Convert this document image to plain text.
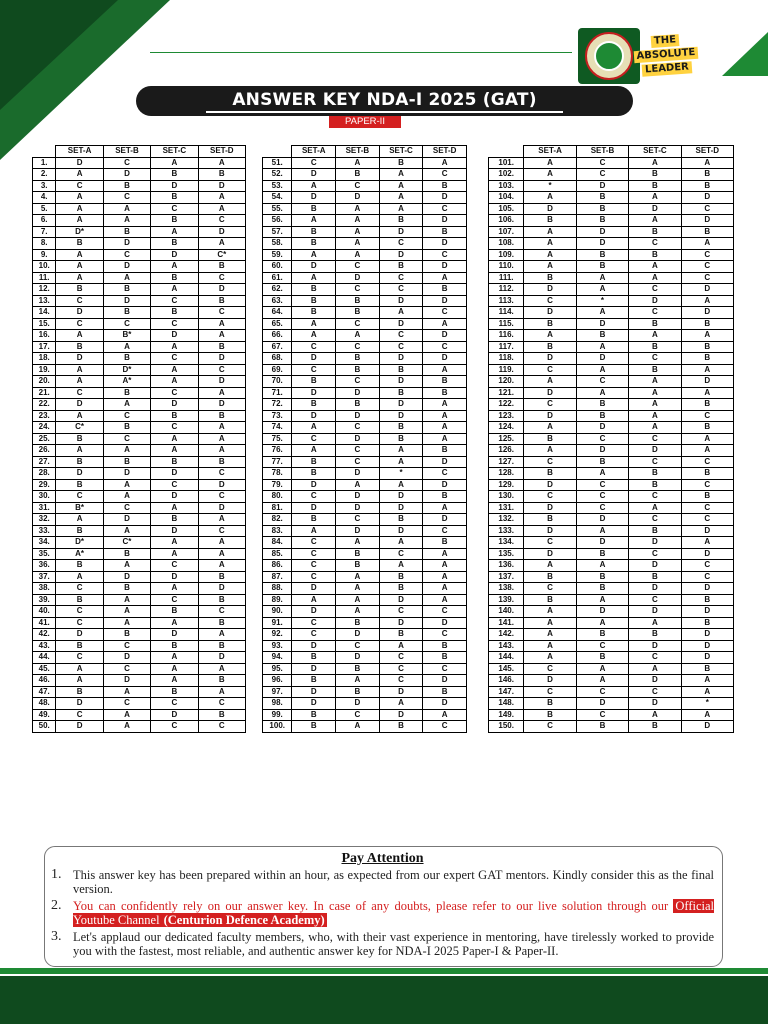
THE
ABSOLUTE
LEADER
ANSWER KEY NDA-I 2025 (GAT)
PAPER-II
	SET-A	SET-B	SET-C	SET-D
1.	D	C	A	A
2.	A	D	B	B
3.	C	B	D	D
4.	A	C	B	A
5.	A	A	C	A
6.	A	A	B	C
7.	D*	B	A	D
8.	B	D	B	A
9.	A	C	D	C*
10.	A	D	A	B
11.	A	A	B	C
12.	B	B	A	D
13.	C	D	C	B
14.	D	B	B	C
15.	C	C	C	A
16.	A	B*	D	A
17.	B	A	A	B
18.	D	B	C	D
19.	A	D*	A	C
20.	A	A*	A	D
21.	C	B	C	A
22.	D	A	D	D
23.	A	C	B	B
24.	C*	B	C	A
25.	B	C	A	A
26.	A	A	A	A
27.	B	B	B	B
28.	D	D	D	C
29.	B	A	C	D
30.	C	A	D	C
31.	B*	C	A	D
32.	A	D	B	A
33.	B	A	D	C
34.	D*	C*	A	A
35.	A*	B	A	A
36.	B	A	C	A
37.	A	D	D	B
38.	C	B	A	D
39.	B	A	C	B
40.	C	A	B	C
41.	C	A	A	B
42.	D	B	D	A
43.	B	C	B	B
44.	C	D	A	D
45.	A	C	A	A
46.	A	D	A	B
47.	B	A	B	A
48.	D	C	C	C
49.	C	A	D	B
50.	D	A	C	C
	SET-A	SET-B	SET-C	SET-D
51.	C	A	B	A
52.	D	B	A	C
53.	A	C	A	B
54.	D	D	A	D
55.	B	A	A	C
56.	A	A	B	D
57.	B	A	D	B
58.	B	A	C	D
59.	A	A	D	C
60.	D	C	B	D
61.	A	D	C	A
62.	B	C	C	B
63.	B	B	D	D
64.	B	B	A	C
65.	A	C	D	A
66.	A	A	C	D
67.	C	C	C	C
68.	D	B	D	D
69.	C	B	B	A
70.	B	C	D	B
71.	D	D	B	B
72.	B	B	D	A
73.	D	D	D	A
74.	A	C	B	A
75.	C	D	B	A
76.	A	C	A	B
77.	B	C	A	D
78.	B	D	*	C
79.	D	A	A	D
80.	C	D	D	B
81.	D	D	D	A
82.	B	C	B	D
83.	A	D	D	C
84.	C	A	A	B
85.	C	B	C	A
86.	C	B	A	A
87.	C	A	B	A
88.	D	A	B	A
89.	A	A	D	A
90.	D	A	C	C
91.	C	B	D	D
92.	C	D	B	C
93.	D	C	A	B
94.	B	D	C	B
95.	D	B	C	C
96.	B	A	C	D
97.	D	B	D	B
98.	D	D	A	D
99.	B	C	D	A
100.	B	A	B	C
	SET-A	SET-B	SET-C	SET-D
101.	A	C	A	A
102.	A	C	B	B
103.	*	D	B	B
104.	A	B	A	D
105.	D	B	D	C
106.	B	B	A	D
107.	A	D	B	B
108.	A	D	C	A
109.	A	B	B	C
110.	A	B	A	C
111.	B	A	A	C
112.	D	A	C	D
113.	C	*	D	A
114.	D	A	C	D
115.	B	D	B	B
116.	A	B	A	A
117.	B	A	B	B
118.	D	D	C	B
119.	C	A	B	A
120.	A	C	A	D
121.	D	A	A	A
122.	C	B	A	B
123.	D	B	A	C
124.	A	D	A	B
125.	B	C	C	A
126.	A	D	D	A
127.	C	B	C	C
128.	B	A	B	B
129.	D	C	B	C
130.	C	C	C	B
131.	D	C	A	C
132.	B	D	C	C
133.	D	A	B	D
134.	C	D	D	A
135.	D	B	C	D
136.	A	A	D	C
137.	B	B	B	C
138.	C	B	D	D
139.	B	A	C	B
140.	A	D	D	D
141.	A	A	A	B
142.	A	B	B	D
143.	A	C	D	D
144.	A	B	C	D
145.	C	A	A	B
146.	D	A	D	A
147.	C	C	C	A
148.	B	D	D	*
149.	B	C	A	A
150.	C	B	B	D
Pay Attention
1. This answer key has been prepared within an hour, as expected from our expert GAT mentors. Kindly consider this as the final version.
2. You can confidently rely on our answer key. In case of any doubts, please refer to our live solution through our Official Youtube Channel (Centurion Defence Academy)
3. Let's applaud our dedicated faculty members, who, with their vast experience in mentoring, have tirelessly worked to provide you with the fastest, most reliable, and authentic answer key for NDA-I 2025 Paper-I & Paper-II.
